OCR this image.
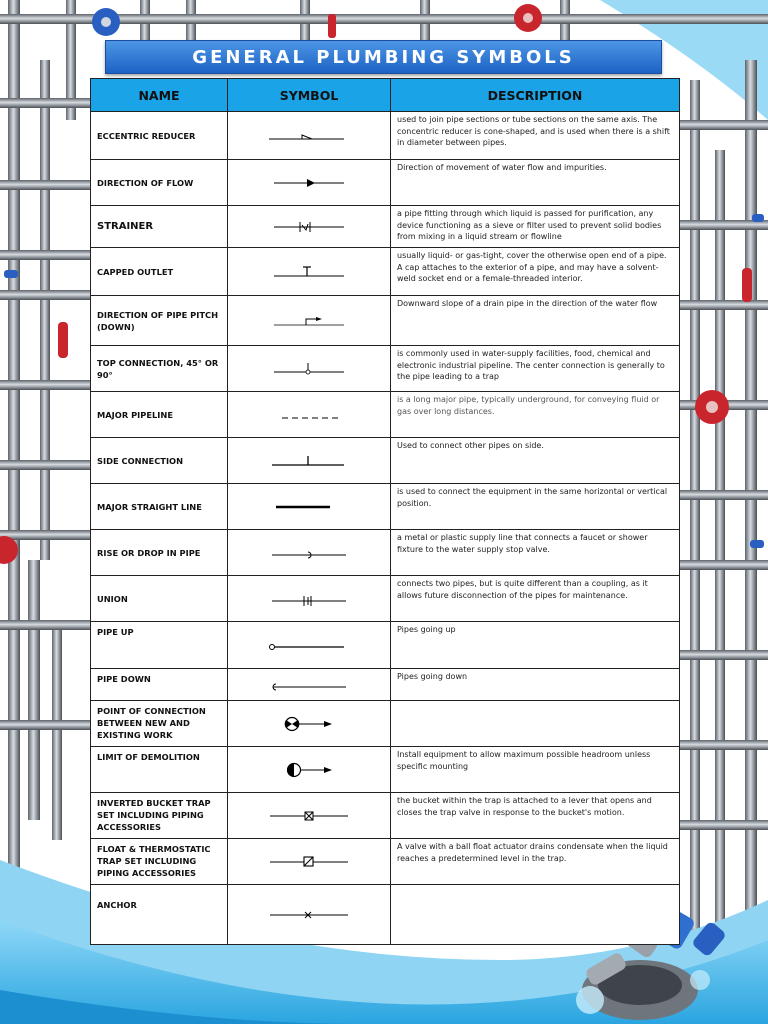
GENERAL PLUMBING SYMBOLS
NAME	SYMBOL	DESCRIPTION
ECCENTRIC REDUCER		used to join pipe sections or tube sections on the same axis. The concentric reducer is cone-shaped, and is used when there is a shift in diameter between pipes.
DIRECTION OF FLOW		Direction of movement of water flow and impurities.
STRAINER		a pipe fitting through which liquid is passed for purification, any device functioning as a sieve or filter used to prevent solid bodies from mixing in a liquid stream or flowline
CAPPED OUTLET		usually liquid- or gas-tight, cover the otherwise open end of a pipe. A cap attaches to the exterior of a pipe, and may have a solvent-weld socket end or a female-threaded interior.
DIRECTION OF PIPE PITCH (DOWN)		Downward slope of a drain pipe in the direction of the water flow
TOP CONNECTION, 45° OR 90°		is commonly used in water-supply facilities, food, chemical and electronic industrial pipeline. The center connection is generally to the pipe leading to a trap
MAJOR PIPELINE		is a long major pipe, typically underground, for conveying fluid or gas over long distances.
SIDE CONNECTION		Used to connect other pipes on side.
MAJOR STRAIGHT LINE		is used to connect the equipment in the same horizontal or vertical position.
RISE OR DROP IN PIPE		a metal or plastic supply line that connects a faucet or shower fixture to the water supply stop valve.
UNION		connects two pipes, but is quite different than a coupling, as it allows future disconnection of the pipes for maintenance.
PIPE UP		Pipes going up
PIPE DOWN		Pipes going down
POINT OF CONNECTION BETWEEN NEW AND EXISTING WORK	

LIMIT OF DEMOLITION		Install equipment to allow maximum possible headroom unless specific mounting
INVERTED BUCKET TRAP SET INCLUDING PIPING ACCESSORIES		the bucket within the trap is attached to a lever that opens and closes the trap valve in response to the bucket's motion.
FLOAT & THERMOSTATIC TRAP SET INCLUDING PIPING ACCESSORIES		A valve with a ball float actuator drains condensate when the liquid reaches a predetermined level in the trap.
ANCHOR	
